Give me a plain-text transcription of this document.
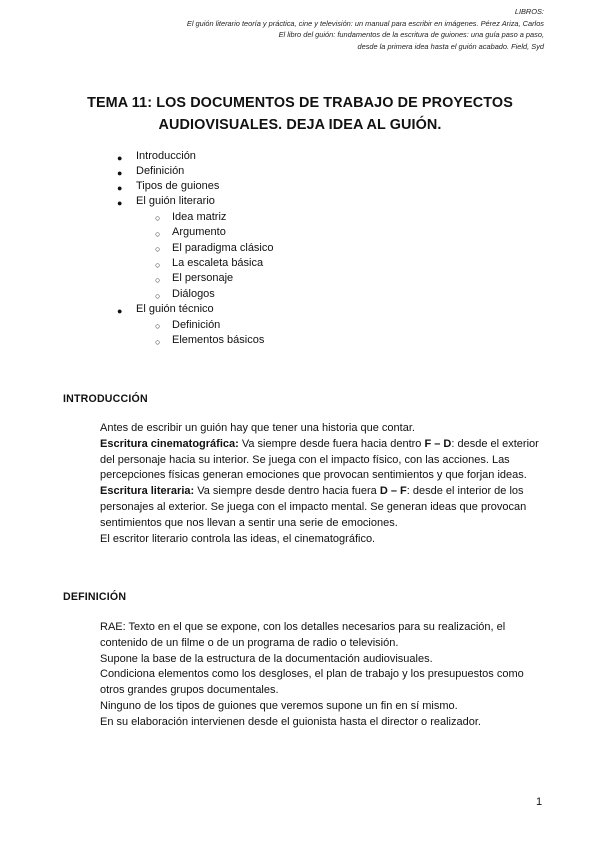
LIBROS:
El guión literario teoría y práctica, cine y televisión: un manual para escribir en imágenes. Pérez Ariza, Carlos
El libro del guión: fundamentos de la escritura de guiones: una guía paso a paso,
desde la primera idea hasta el guión acabado. Field, Syd
TEMA 11: LOS DOCUMENTOS DE TRABAJO DE PROYECTOS
AUDIOVISUALES. DEJA IDEA AL GUIÓN.
● Introducción
● Definición
● Tipos de guiones
● El guión literario
○ Idea matriz
○ Argumento
○ El paradigma clásico
○ La escaleta básica
○ El personaje
○ Diálogos
● El guión técnico
○ Definición
○ Elementos básicos
INTRODUCCIÓN

Antes de escribir un guión hay que tener una historia que contar.

Escritura cinematográfica: Va siempre desde fuera hacia dentro F – D: desde el exterior del personaje hacia su interior. Se juega con el impacto físico, con las acciones. Las percepciones físicas generan emociones que provocan sentimientos y que forjan ideas.

Escritura literaria: Va siempre desde dentro hacia fuera D – F: desde el interior de los personajes al exterior. Se juega con el impacto mental. Se generan ideas que provocan sentimientos que nos llevan a sentir una serie de emociones.

El escritor literario controla las ideas, el cinematográfico.

DEFINICIÓN

RAE: Texto en el que se expone, con los detalles necesarios para su realización, el contenido de un filme o de un programa de radio o televisión.

Supone la base de la estructura de la documentación audiovisuales.

Condiciona elementos como los desgloses, el plan de trabajo y los presupuestos como otros grandes grupos documentales.

Ninguno de los tipos de guiones que veremos supone un fin en sí mismo.

En su elaboración intervienen desde el guionista hasta el director o realizador.

1
